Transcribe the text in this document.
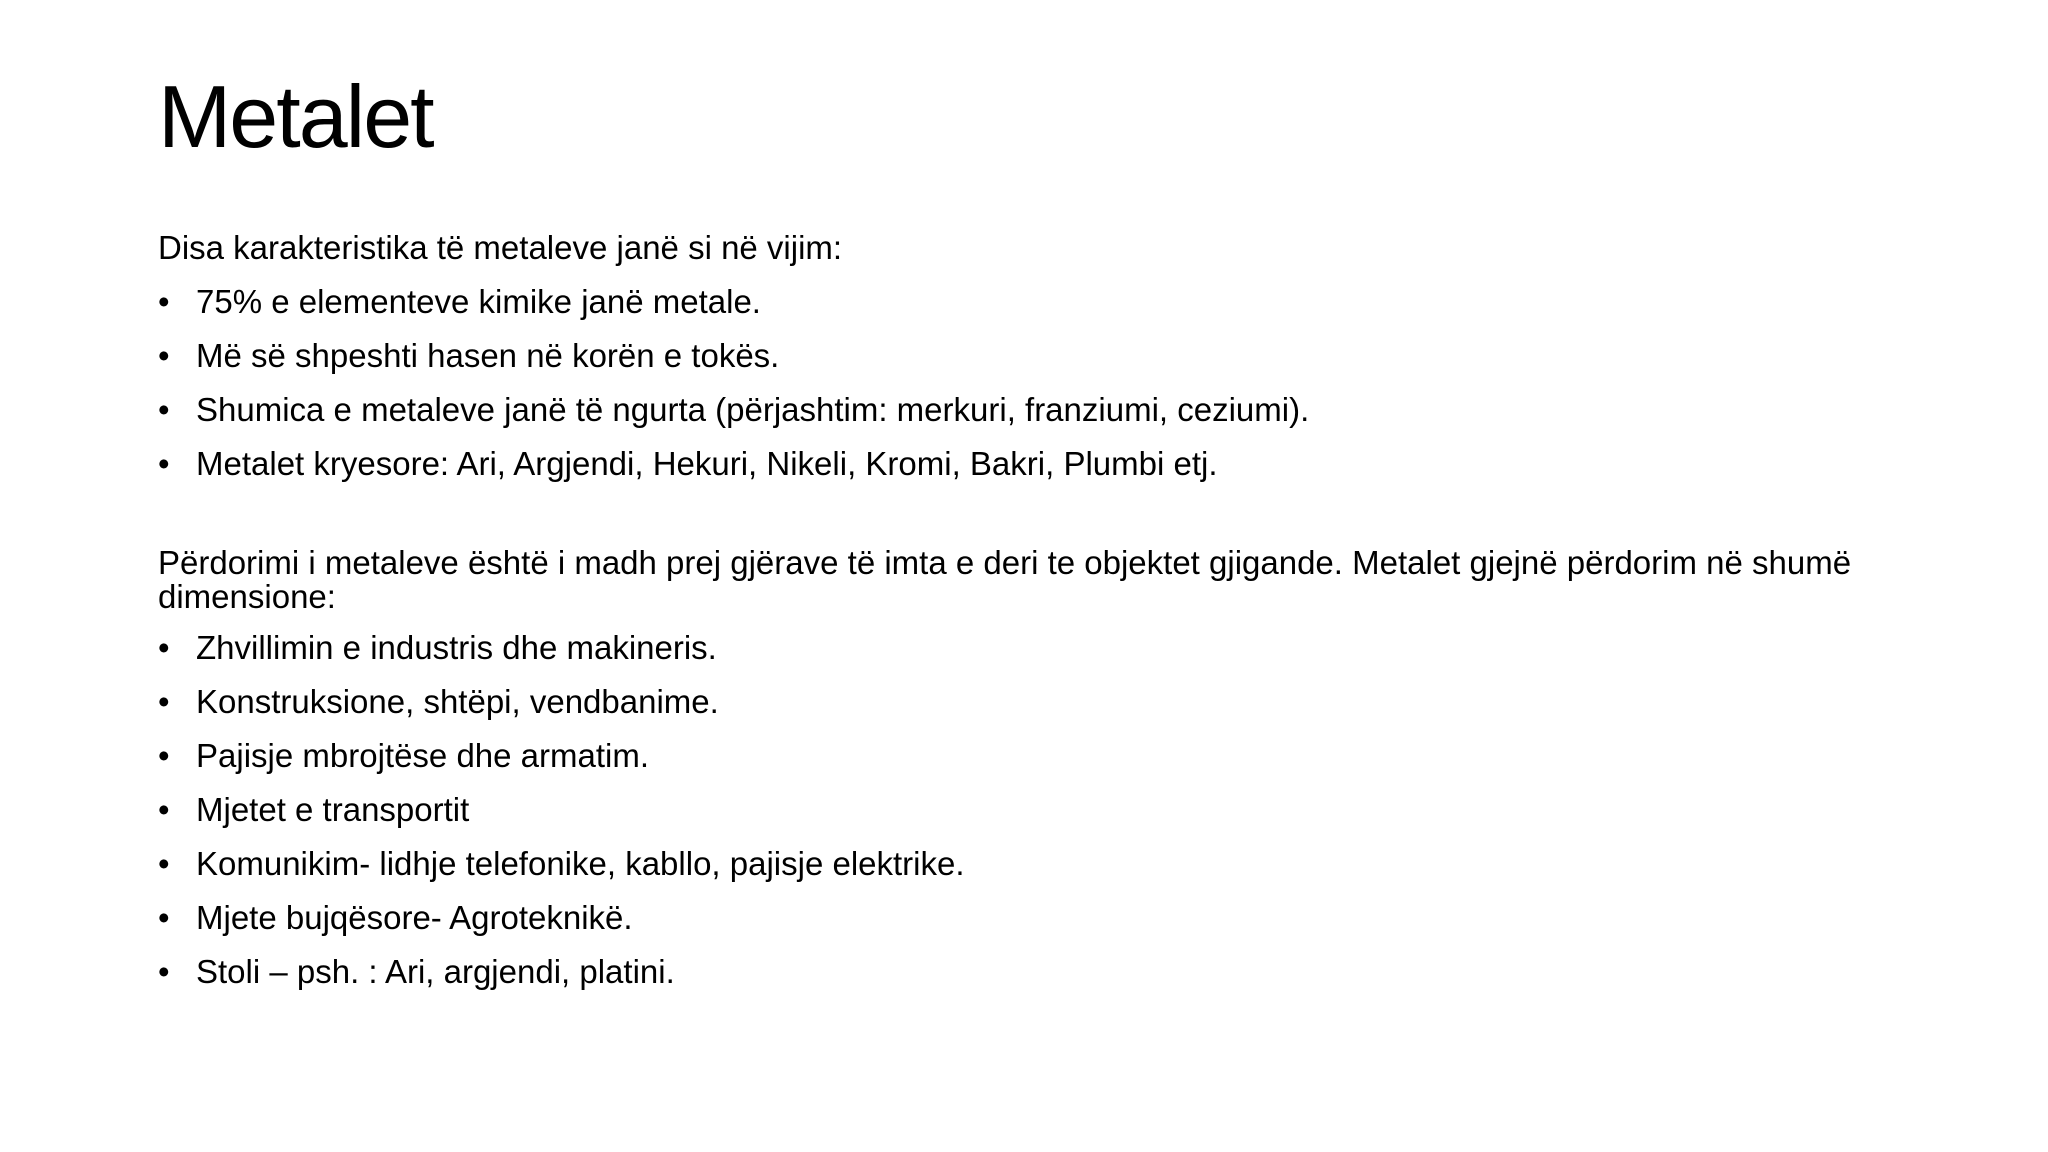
Metalet

Disa karakteristika të metaleve janë si në vijim:

• 75% e elementeve kimike janë metale.
• Më së shpeshti hasen në korën e tokës.
• Shumica e metaleve janë të ngurta (përjashtim: merkuri, franziumi, ceziumi).
• Metalet kryesore: Ari, Argjendi, Hekuri, Nikeli, Kromi, Bakri, Plumbi etj.

Përdorimi i metaleve është i madh prej gjërave të imta e deri te objektet gjigande. Metalet gjejnë përdorim në shumë dimensione:

• Zhvillimin e industris dhe makineris.
• Konstruksione, shtëpi, vendbanime.
• Pajisje mbrojtëse dhe armatim.
• Mjetet e transportit
• Komunikim- lidhje telefonike, kabllo, pajisje elektrike.
• Mjete bujqësore- Agroteknikë.
• Stoli – psh. : Ari, argjendi, platini.
